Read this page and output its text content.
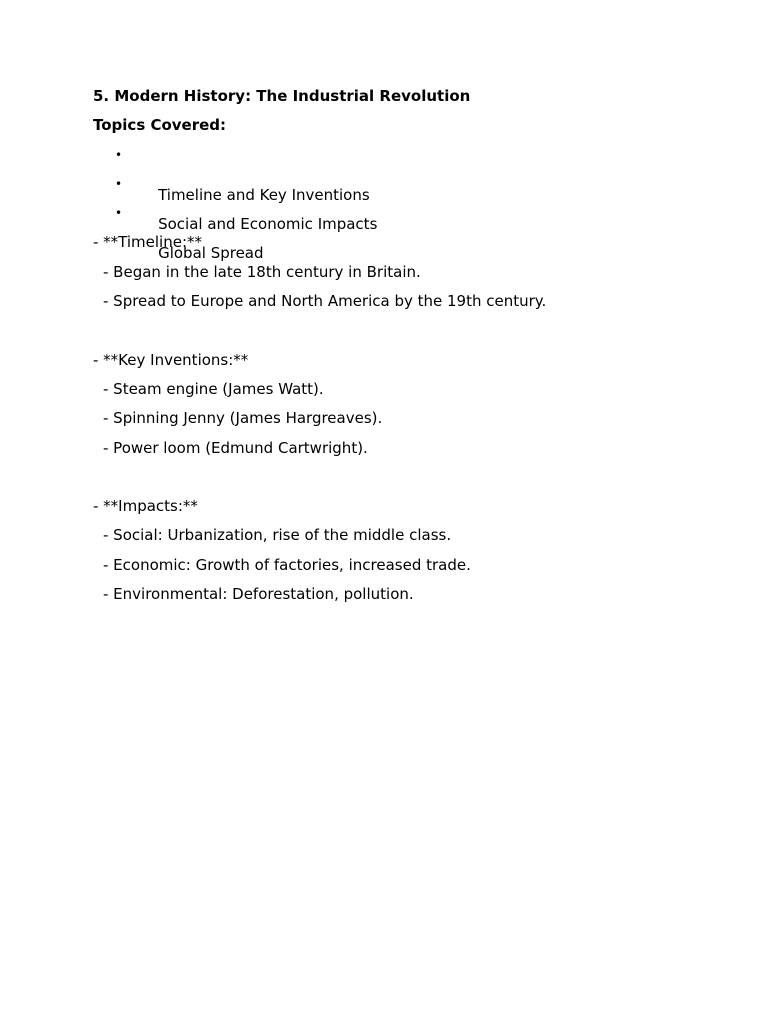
5. Modern History: The Industrial Revolution
Topics Covered:

•

Timeline and Key Inventions

•

Social and Economic Impacts

•

Global Spread

- **Timeline:**
- Began in the late 18th century in Britain.
- Spread to Europe and North America by the 19th century.
- **Key Inventions:**
- Steam engine (James Watt).
- Spinning Jenny (James Hargreaves).
- Power loom (Edmund Cartwright).
- **Impacts:**
- Social: Urbanization, rise of the middle class.
- Economic: Growth of factories, increased trade.
- Environmental: Deforestation, pollution.
